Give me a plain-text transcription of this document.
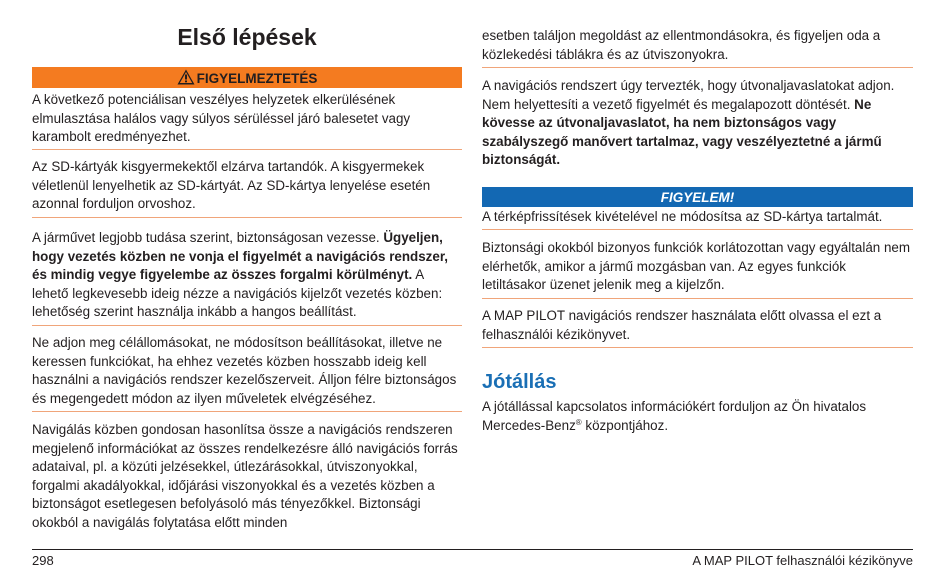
Első lépések
FIGYELMEZTETÉS

A következő potenciálisan veszélyes helyzetek elkerülésének elmulasztása halálos vagy súlyos sérüléssel járó balesetet vagy karambolt eredményezhet.

Az SD-kártyák kisgyermekektől elzárva tartandók. A kisgyermekek véletlenül lenyelhetik az SD-kártyát. Az SD-kártya lenyelése esetén azonnal forduljon orvoshoz.

A járművet legjobb tudása szerint, biztonságosan vezesse. Ügyeljen, hogy vezetés közben ne vonja el figyelmét a navigációs rendszer, és mindig vegye figyelembe az összes forgalmi körülményt. A lehető legkevesebb ideig nézze a navigációs kijelzőt vezetés közben: lehetőség szerint használja inkább a hangos beállítást.

Ne adjon meg célállomásokat, ne módosítson beállításokat, illetve ne keressen funkciókat, ha ehhez vezetés közben hosszabb ideig kell használni a navigációs rendszer kezelőszerveit. Álljon félre biztonságos és megengedett módon az ilyen műveletek elvégzéséhez.

Navigálás közben gondosan hasonlítsa össze a navigációs rendszeren megjelenő információkat az összes rendelkezésre álló navigációs forrás adataival, pl. a közúti jelzésekkel, útlezárásokkal, útviszonyokkal, forgalmi akadályokkal, időjárási viszonyokkal és a vezetés közben a biztonságot esetlegesen befolyásoló más tényezőkkel. Biztonsági okokból a navigálás folytatása előtt minden

esetben találjon megoldást az ellentmondásokra, és figyeljen oda a közlekedési táblákra és az útviszonyokra.

A navigációs rendszert úgy tervezték, hogy útvonaljavaslatokat adjon. Nem helyettesíti a vezető figyelmét és megalapozott döntését. Ne kövesse az útvonaljavaslatot, ha nem biztonságos vagy szabályszegő manővert tartalmaz, vagy veszélyeztetné a jármű biztonságát.

FIGYELEM!

A térképfrissítések kivételével ne módosítsa az SD-kártya tartalmát.

Biztonsági okokból bizonyos funkciók korlátozottan vagy egyáltalán nem elérhetők, amikor a jármű mozgásban van. Az egyes funkciók letiltásakor üzenet jelenik meg a kijelzőn.

A MAP PILOT navigációs rendszer használata előtt olvassa el ezt a felhasználói kézikönyvet.

Jótállás

A jótállással kapcsolatos információkért forduljon az Ön hivatalos Mercedes-Benz® központjához.

298	A MAP PILOT felhasználói kézikönyve
